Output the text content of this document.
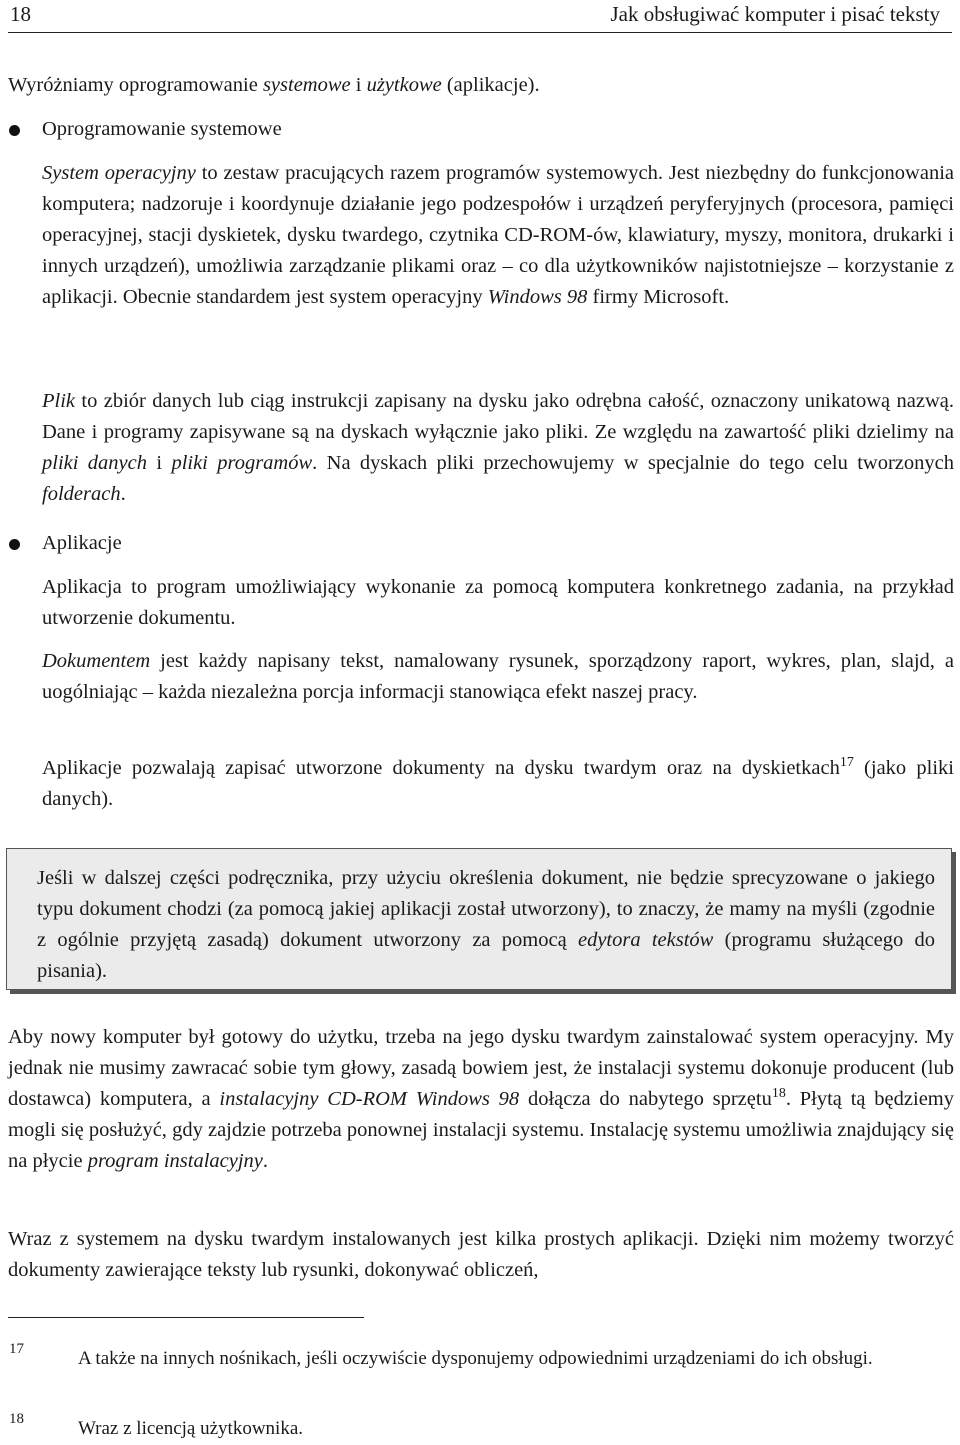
18	Jak obsługiwać komputer i pisać teksty

Wyróżniamy oprogramowanie systemowe i użytkowe (aplikacje).

Oprogramowanie systemowe

System operacyjny to zestaw pracujących razem programów systemowych. Jest niezbędny do funkcjonowania komputera; nadzoruje i koordynuje działanie jego podzespołów i urządzeń peryferyjnych (procesora, pamięci operacyjnej, stacji dyskietek, dysku twardego, czytnika CD-ROM-ów, klawiatury, myszy, monitora, drukarki i innych urządzeń), umożliwia zarządzanie plikami oraz – co dla użytkowników najistotniejsze – korzystanie z aplikacji. Obecnie standardem jest system operacyjny Windows 98 firmy Microsoft.

Plik to zbiór danych lub ciąg instrukcji zapisany na dysku jako odrębna całość, oznaczony unikatową nazwą. Dane i programy zapisywane są na dyskach wyłącznie jako pliki. Ze względu na zawartość pliki dzielimy na pliki danych i pliki programów. Na dyskach pliki przechowujemy w specjalnie do tego celu tworzonych folderach.

Aplikacje

Aplikacja to program umożliwiający wykonanie za pomocą komputera konkretnego zadania, na przykład utworzenie dokumentu.

Dokumentem jest każdy napisany tekst, namalowany rysunek, sporządzony raport, wykres, plan, slajd, a uogólniając – każda niezależna porcja informacji stanowiąca efekt naszej pracy.

Aplikacje pozwalają zapisać utworzone dokumenty na dysku twardym oraz na dyskietkach$^{17}$ (jako pliki danych).

Jeśli w dalszej części podręcznika, przy użyciu określenia dokument, nie będzie sprecyzowane o jakiego typu dokument chodzi (za pomocą jakiej aplikacji został utworzony), to znaczy, że mamy na myśli (zgodnie z ogólnie przyjętą zasadą) dokument utworzony za pomocą edytora tekstów (programu służącego do pisania).

Aby nowy komputer był gotowy do użytku, trzeba na jego dysku twardym zainstalować system operacyjny. My jednak nie musimy zawracać sobie tym głowy, zasadą bowiem jest, że instalacji systemu dokonuje producent (lub dostawca) komputera, a instalacyjny CD-ROM Windows 98 dołącza do nabytego sprzętu$^{18}$. Płytą tą będziemy mogli się posłużyć, gdy zajdzie potrzeba ponownej instalacji systemu. Instalację systemu umożliwia znajdujący się na płycie program instalacyjny.

Wraz z systemem na dysku twardym instalowanych jest kilka prostych aplikacji. Dzięki nim możemy tworzyć dokumenty zawierające teksty lub rysunki, dokonywać obliczeń,

17	A także na innych nośnikach, jeśli oczywiście dysponujemy odpowiednimi urządzeniami do ich obsługi.

18	Wraz z licencją użytkownika.
